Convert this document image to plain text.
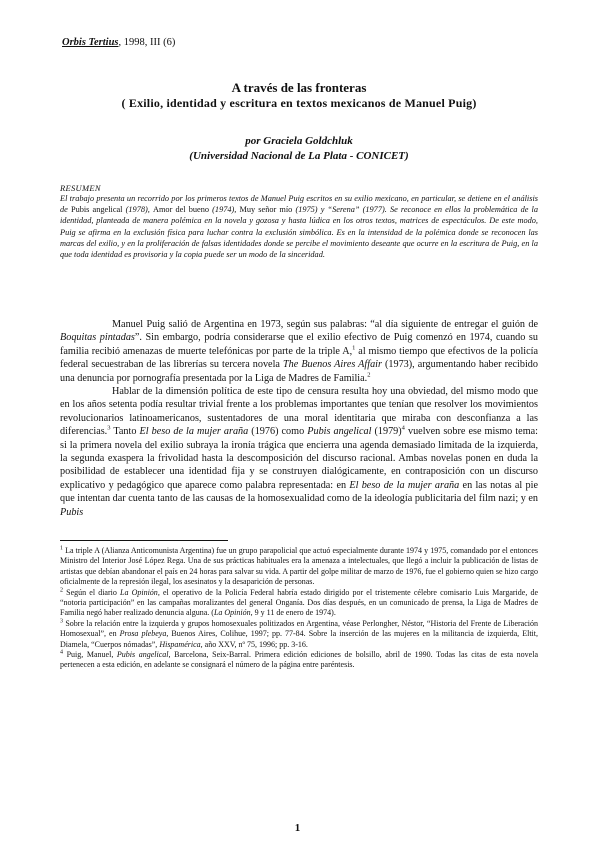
Orbis Tertius, 1998, III (6)
A través de las fronteras
( Exilio, identidad y escritura en textos mexicanos de Manuel Puig)
por Graciela Goldchluk
(Universidad Nacional de La Plata - CONICET)
RESUMEN
El trabajo presenta un recorrido por los primeros textos de Manuel Puig escritos en su exilio mexicano, en particular, se detiene en el análisis de Pubis angelical (1978), Amor del bueno (1974), Muy señor mío (1975) y “Serena” (1977). Se reconoce en ellos la problemática de la identidad, planteada de manera polémica en la novela y gozosa y hasta lúdica en los otros textos, matrices de espectáculos. De este modo, Puig se afirma en la exclusión física para luchar contra la exclusión simbólica. Es en la intensidad de la polémica donde se reconocen las marcas del exilio, y en la proliferación de falsas identidades donde se percibe el movimiento deseante que ocurre en la escritura de Puig, en la que toda identidad es provisoria y la copia puede ser un modo de la sinceridad.

Manuel Puig salió de Argentina en 1973, según sus palabras: “al día siguiente de entregar el guión de Boquitas pintadas”. Sin embargo, podría considerarse que el exilio efectivo de Puig comenzó en 1974, cuando su familia recibió amenazas de muerte telefónicas por parte de la triple A,$^1$ al mismo tiempo que efectivos de la policía federal secuestraban de las librerías su tercera novela The Buenos Aires Affair (1973), argumentando haber recibido una denuncia por pornografía presentada por la Liga de Madres de Familia.$^2$

Hablar de la dimensión política de este tipo de censura resulta hoy una obviedad, del mismo modo que en los años setenta podía resultar trivial frente a los problemas importantes que tenían que resolver los movimientos revolucionarios latinoamericanos, sustentadores de una moral identitaria que miraba con desconfianza a las diferencias.$^3$ Tanto El beso de la mujer araña (1976) como Pubis angelical (1979)$^4$ vuelven sobre ese mismo tema: si la primera novela del exilio subraya la ironía trágica que encierra una agenda demasiado limitada de la izquierda, la segunda exaspera la frivolidad hasta la descomposición del discurso racional. Ambas novelas ponen en duda la posibilidad de establecer una identidad fija y se construyen dialógicamente, en contraposición con un discurso explicativo y pedagógico que aparece como palabra representada: en El beso de la mujer araña en las notas al pie que intentan dar cuenta tanto de las causas de la homosexualidad como de la ideología publicitaria del film nazi; y en Pubis

$^1$ La triple A (Alianza Anticomunista Argentina) fue un grupo parapolicial que actuó especialmente durante 1974 y 1975, comandado por el entonces Ministro del Interior José López Rega. Una de sus prácticas habituales era la amenaza a intelectuales, que llegó a incluir la publicación de listas de artistas que debían abandonar el país en 24 horas para salvar su vida. A partir del golpe militar de marzo de 1976, fue el gobierno quien se hizo cargo oficialmente de la represión ilegal, los asesinatos y la desaparición de personas.

$^2$ Según el diario La Opinión, el operativo de la Policía Federal habría estado dirigido por el tristemente célebre comisario Luis Margaride, de “notoria participación” en las campañas moralizantes del general Onganía. Dos días después, en un comunicado de prensa, la Liga de Madres de Familia negó haber realizado denuncia alguna. (La Opinión, 9 y 11 de enero de 1974).

$^3$ Sobre la relación entre la izquierda y grupos homosexuales politizados en Argentina, véase Perlongher, Néstor, “Historia del Frente de Liberación Homosexual”, en Prosa plebeya, Buenos Aires, Colihue, 1997; pp. 77-84. Sobre la inserción de las mujeres en la militancia de izquierda, Eltit, Diamela, “Cuerpos nómadas”, Hispamérica, año XXV, nº 75, 1996; pp. 3-16.

$^4$ Puig, Manuel, Pubis angelical, Barcelona, Seix-Barral. Primera edición ediciones de bolsillo, abril de 1990. Todas las citas de esta novela pertenecen a esta edición, en adelante se consignará el número de la página entre paréntesis.

1
